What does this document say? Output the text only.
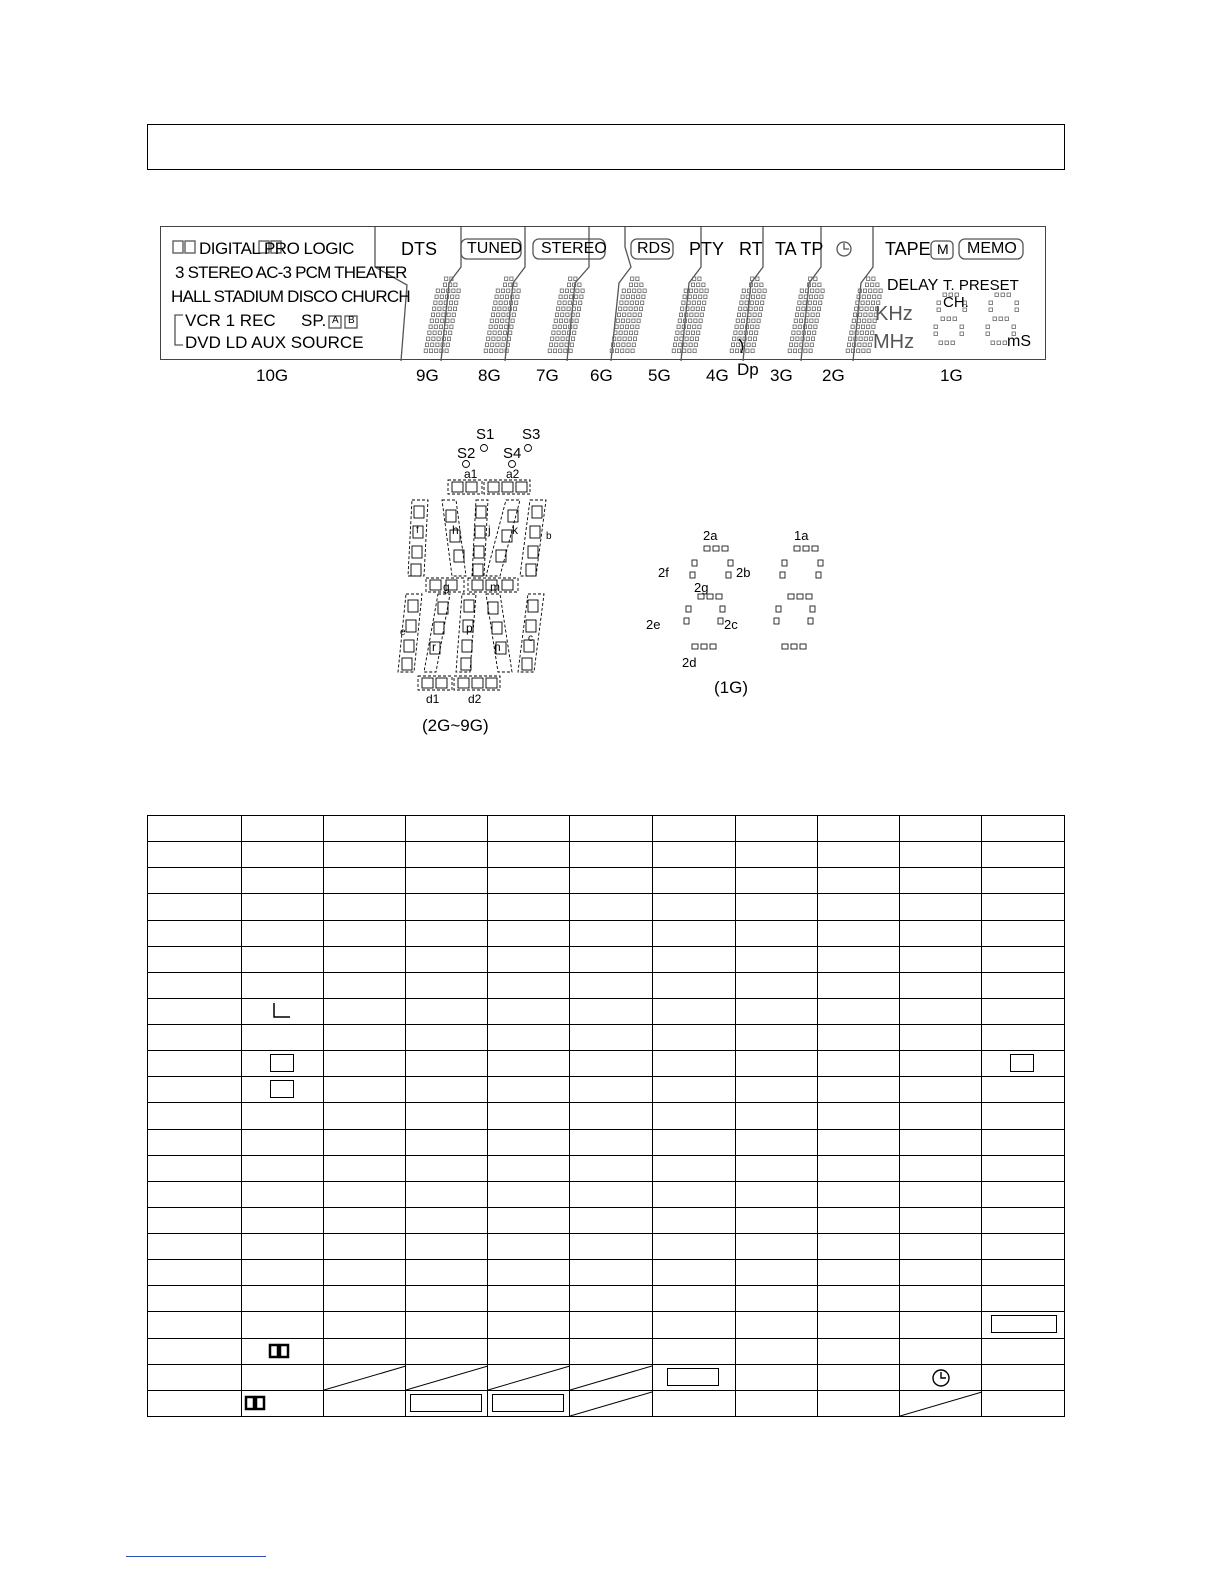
DIGITAL PRO LOGIC
3 STEREO AC-3 PCM THEATER
HALL STADIUM DISCO CHURCH
VCR 1 REC SP. A B
DVD LD AUX SOURCE
DTS TUNED STEREO RDS PTY RT TA TP	TAPE M MEMO
DELAY T. PRESET CH.
KHz
MHz	mS
10G	9G 8G 7G 6G 5G 4G 3G 2G	1G
Dp
S1
S2
S3
S4
a1 a2
f	h j k	b
g	m
e	p
c
r	n
d1 d2
(2G~9G)
2a	1a
2f	2b
2g
2e	2c
2d
(1G)
